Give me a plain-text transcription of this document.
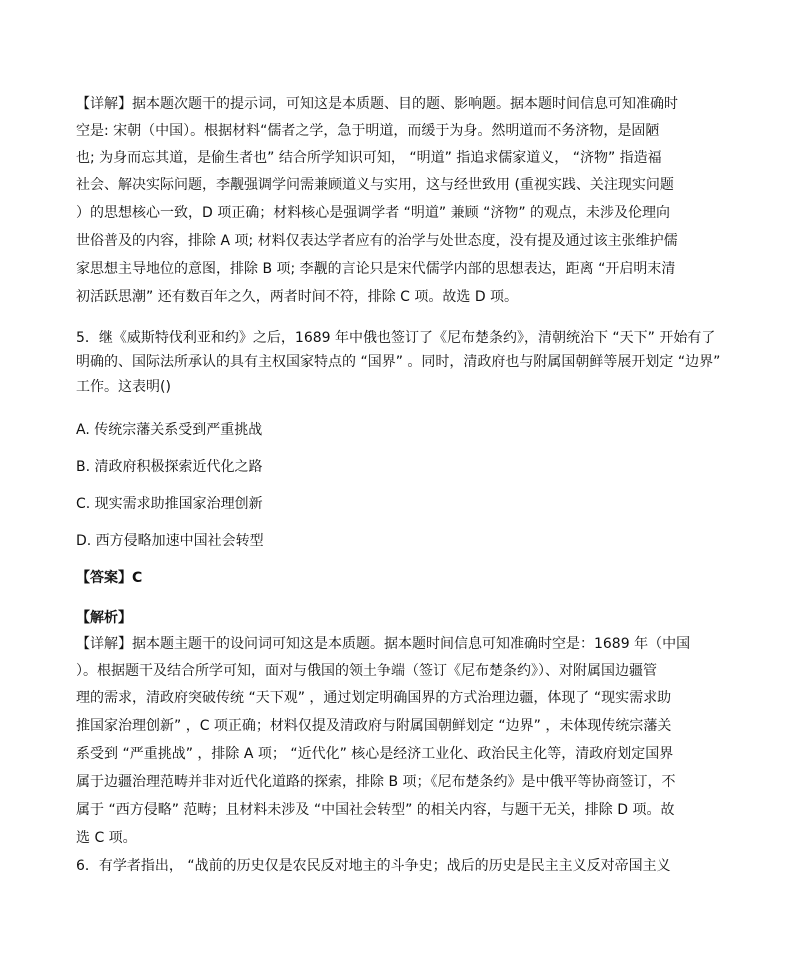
【详解】据本题次题干的提示词，可知这是本质题、目的题、影响题。据本题时间信息可知准确时
空是: 宋朝（中国）。根据材料“儒者之学，急于明道，而缓于为身。然明道而不务济物，是固陋
也; 为身而忘其道，是偷生者也” 结合所学知识可知， “明道” 指追求儒家道义， “济物” 指造福
社会、解决实际问题，李觏强调学问需兼顾道义与实用，这与经世致用 (重视实践、关注现实问题
）的思想核心一致，D 项正确；材料核心是强调学者 “明道” 兼顾 “济物” 的观点，未涉及伦理向
世俗普及的内容，排除 A 项; 材料仅表达学者应有的治学与处世态度，没有提及通过该主张维护儒
家思想主导地位的意图，排除 B 项; 李觏的言论只是宋代儒学内部的思想表达，距离 “开启明末清
初活跃思潮” 还有数百年之久，两者时间不符，排除 C 项。故选 D 项。
5．继《威斯特伐利亚和约》之后，1689 年中俄也签订了《尼布楚条约》，清朝统治下 “天下” 开始有了
明确的、国际法所承认的具有主权国家特点的 “国界” 。同时，清政府也与附属国朝鲜等展开划定 “边界”
工作。这表明()
A. 传统宗藩关系受到严重挑战
B. 清政府积极探索近代化之路
C. 现实需求助推国家治理创新
D. 西方侵略加速中国社会转型
【答案】C
【解析】
【详解】据本题主题干的设问词可知这是本质题。据本题时间信息可知准确时空是：1689 年（中国
）。根据题干及结合所学可知，面对与俄国的领土争端（签订《尼布楚条约》）、对附属国边疆管
理的需求，清政府突破传统 “天下观” ，通过划定明确国界的方式治理边疆，体现了 “现实需求助
推国家治理创新” ，C 项正确；材料仅提及清政府与附属国朝鲜划定 “边界” ，未体现传统宗藩关
系受到 “严重挑战” ，排除 A 项； “近代化” 核心是经济工业化、政治民主化等，清政府划定国界
属于边疆治理范畴并非对近代化道路的探索，排除 B 项；《尼布楚条约》是中俄平等协商签订，不
属于 “西方侵略” 范畴；且材料未涉及 “中国社会转型” 的相关内容，与题干无关，排除 D 项。故
选 C 项。
6．有学者指出， “战前的历史仅是农民反对地主的斗争史；战后的历史是民主主义反对帝国主义
